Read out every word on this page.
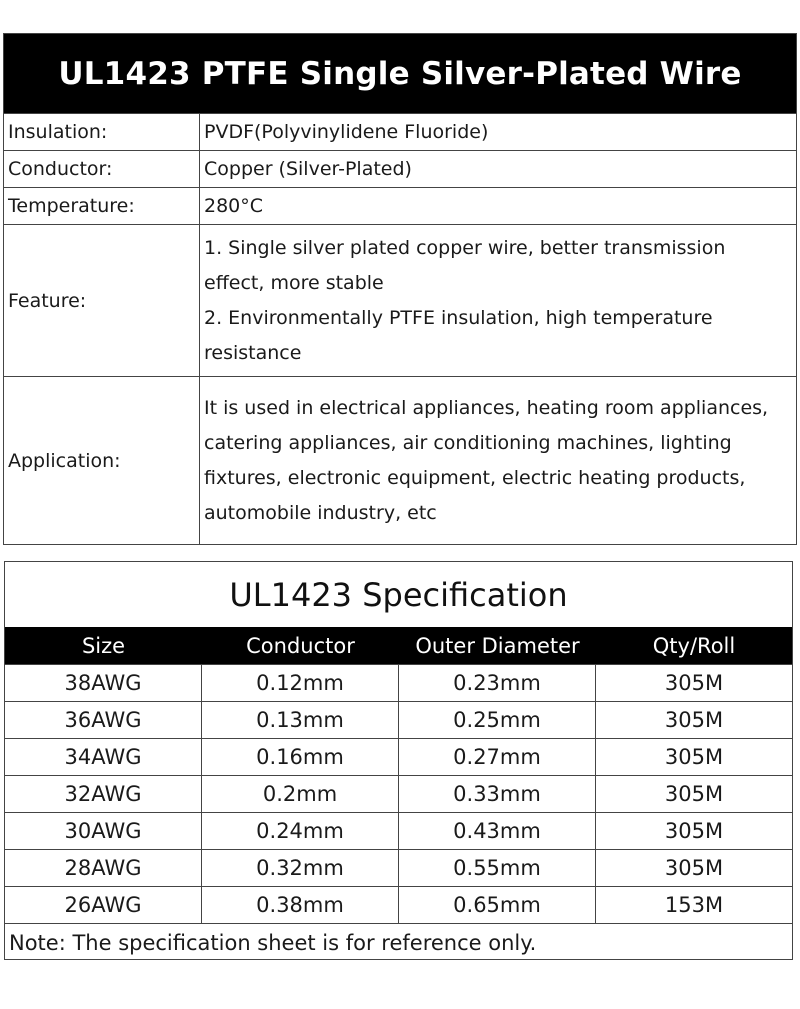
UL1423 PTFE Single Silver-Plated Wire
Insulation:	PVDF(Polyvinylidene Fluoride)
Conductor:	Copper (Silver-Plated)
Temperature:	280°C
Feature:
1. Single silver plated copper wire, better transmission
effect, more stable
2. Environmentally PTFE insulation, high temperature
resistance
Application:
It is used in electrical appliances, heating room appliances,
catering appliances, air conditioning machines, lighting
fixtures, electronic equipment, electric heating products,
automobile industry, etc
UL1423 Specification
Size	Conductor	Outer Diameter	Qty/Roll
38AWG	0.12mm	0.23mm	305M
36AWG	0.13mm	0.25mm	305M
34AWG	0.16mm	0.27mm	305M
32AWG	0.2mm	0.33mm	305M
30AWG	0.24mm	0.43mm	305M
28AWG	0.32mm	0.55mm	305M
26AWG	0.38mm	0.65mm	153M
Note: The specification sheet is for reference only.
